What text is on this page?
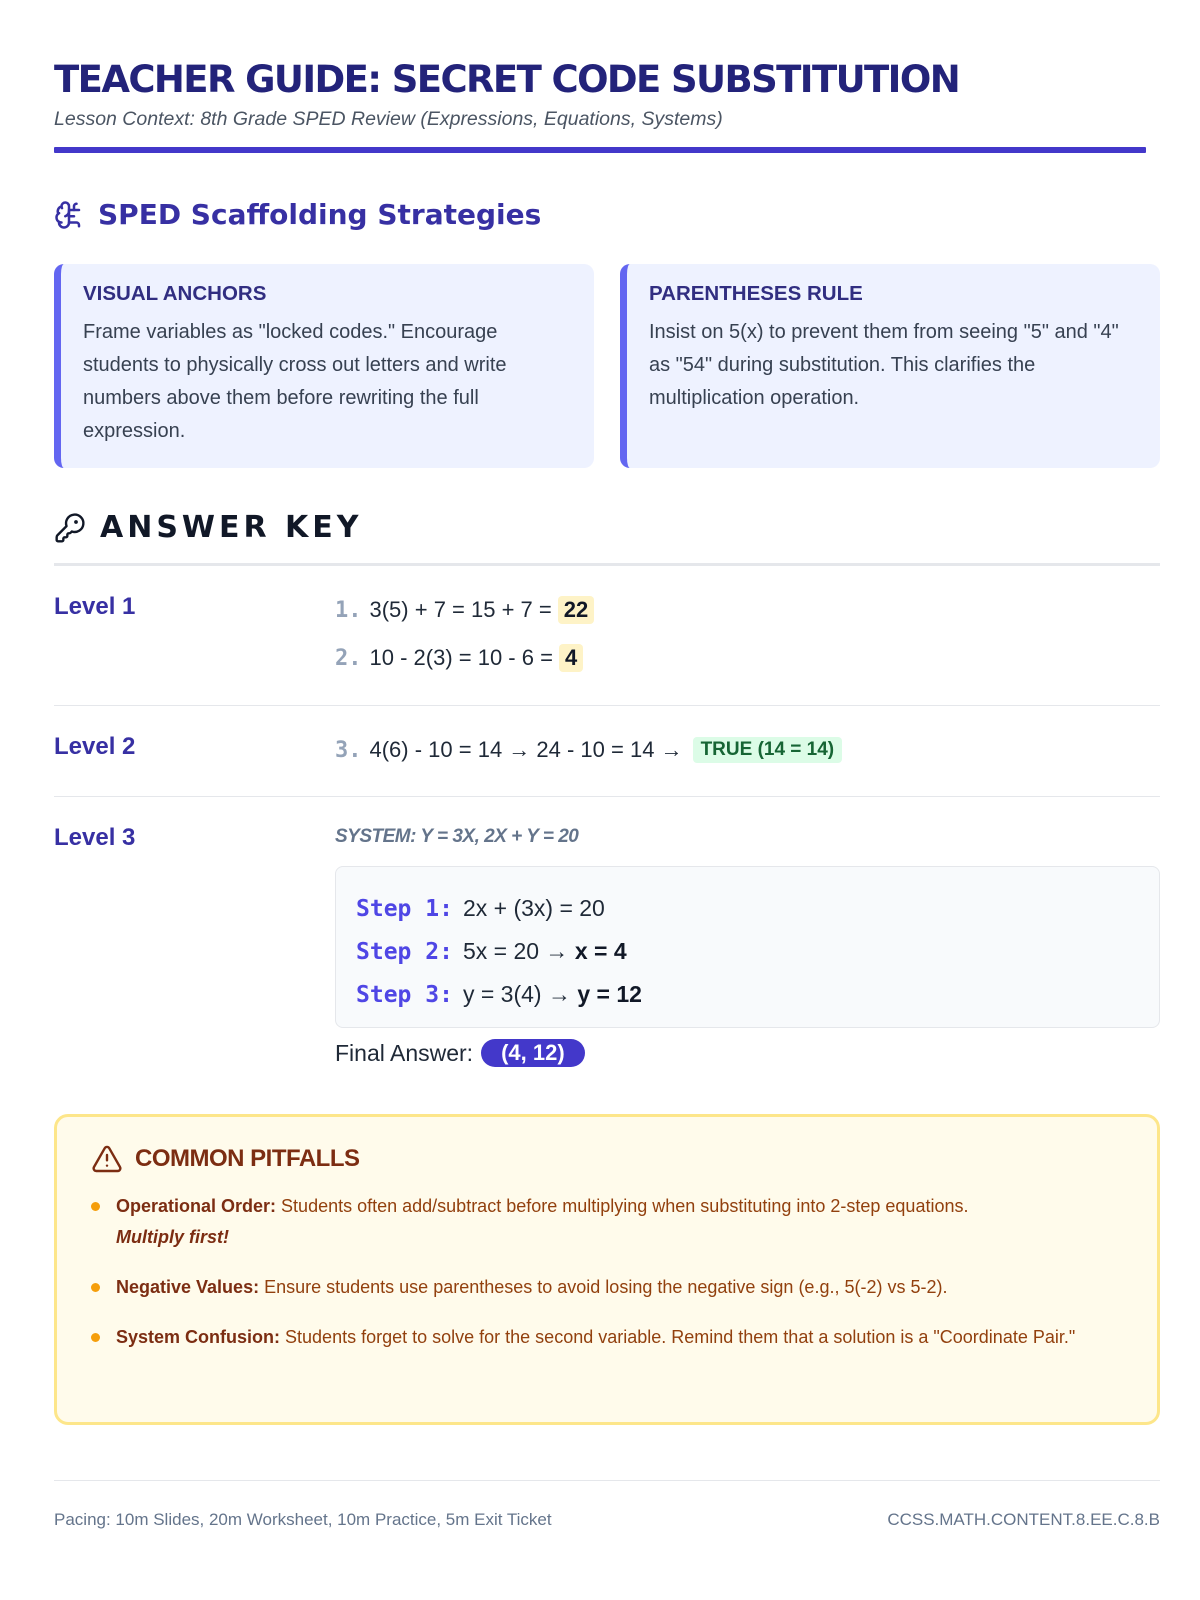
TEACHER GUIDE: SECRET CODE SUBSTITUTION
Lesson Context: 8th Grade SPED Review (Expressions, Equations, Systems)
SPED Scaffolding Strategies
VISUAL ANCHORS
Frame variables as "locked codes." Encourage students to physically cross out letters and write numbers above them before rewriting the full expression.
PARENTHESES RULE
Insist on 5(x) to prevent them from seeing "5" and "4" as "54" during substitution. This clarifies the multiplication operation.
ANSWER KEY
Level 1	1. 3(5) + 7 = 15 + 7 = 22
2. 10 - 2(3) = 10 - 6 = 4
Level 2	3. 4(6) - 10 = 14 → 24 - 10 = 14 → TRUE (14 = 14)
Level 3	SYSTEM: Y = 3X, 2X + Y = 20
Step 1: 2x + (3x) = 20
Step 2: 5x = 20 → x = 4
Step 3: y = 3(4) → y = 12
Final Answer:	(4, 12)
COMMON PITFALLS
Operational Order: Students often add/subtract before multiplying when substituting into 2-step equations.
Multiply first!
Negative Values: Ensure students use parentheses to avoid losing the negative sign (e.g., 5(-2) vs 5-2).
System Confusion: Students forget to solve for the second variable. Remind them that a solution is a "Coordinate Pair."
Pacing: 10m Slides, 20m Worksheet, 10m Practice, 5m Exit Ticket	CCSS.MATH.CONTENT.8.EE.C.8.B
